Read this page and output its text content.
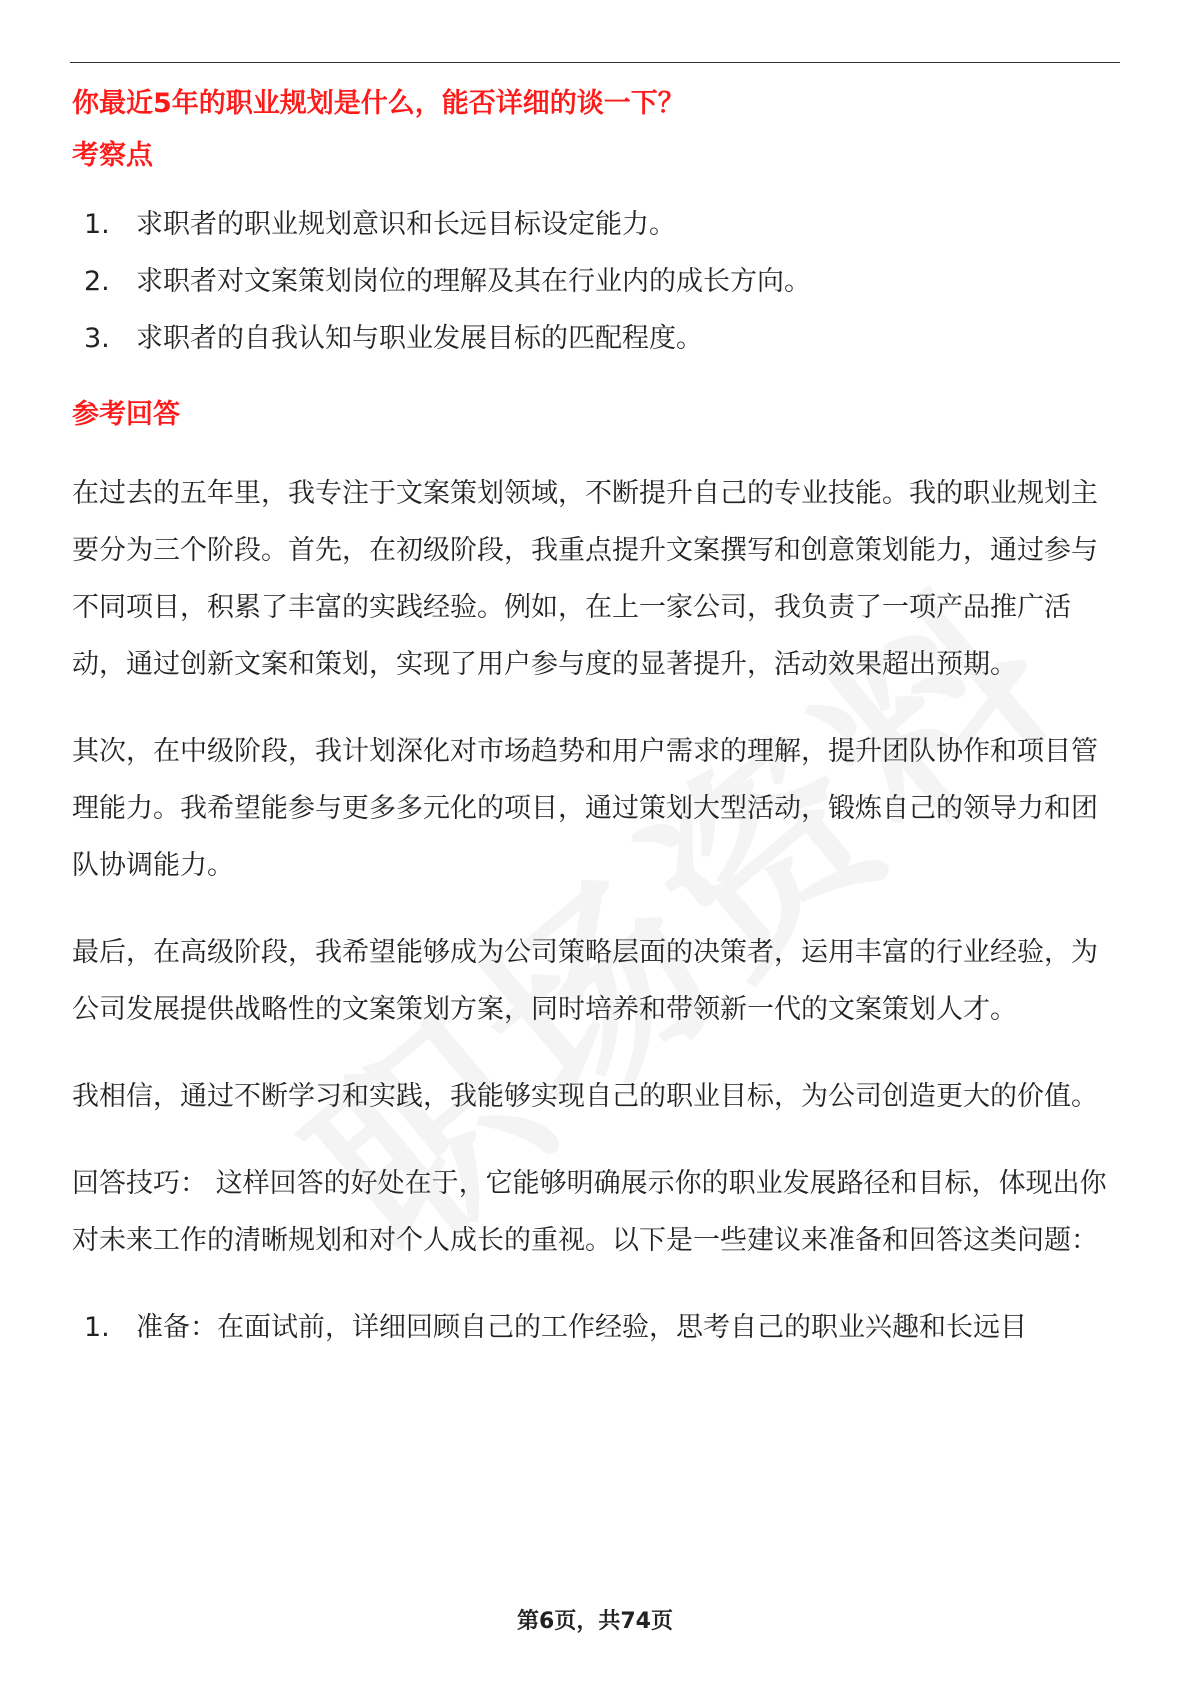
你最近5年的职业规划是什么，能否详细的谈一下？
考察点
1. 求职者的职业规划意识和长远目标设定能力。
2. 求职者对文案策划岗位的理解及其在行业内的成长方向。
3. 求职者的自我认知与职业发展目标的匹配程度。
参考回答

在过去的五年里，我专注于文案策划领域，不断提升自己的专业技能。我的职业规划主要分为三个阶段。首先，在初级阶段，我重点提升文案撰写和创意策划能力，通过参与不同项目，积累了丰富的实践经验。例如，在上一家公司，我负责了一项产品推广活动，通过创新文案和策划，实现了用户参与度的显著提升，活动效果超出预期。

其次，在中级阶段，我计划深化对市场趋势和用户需求的理解，提升团队协作和项目管理能力。我希望能参与更多多元化的项目，通过策划大型活动，锻炼自己的领导力和团队协调能力。

最后，在高级阶段，我希望能够成为公司策略层面的决策者，运用丰富的行业经验，为公司发展提供战略性的文案策划方案，同时培养和带领新一代的文案策划人才。

我相信，通过不断学习和实践，我能够实现自己的职业目标，为公司创造更大的价值。

回答技巧： 这样回答的好处在于，它能够明确展示你的职业发展路径和目标，体现出你对未来工作的清晰规划和对个人成长的重视。以下是一些建议来准备和回答这类问题：

1. 准备：在面试前，详细回顾自己的工作经验，思考自己的职业兴趣和长远目
第6页，共74页
